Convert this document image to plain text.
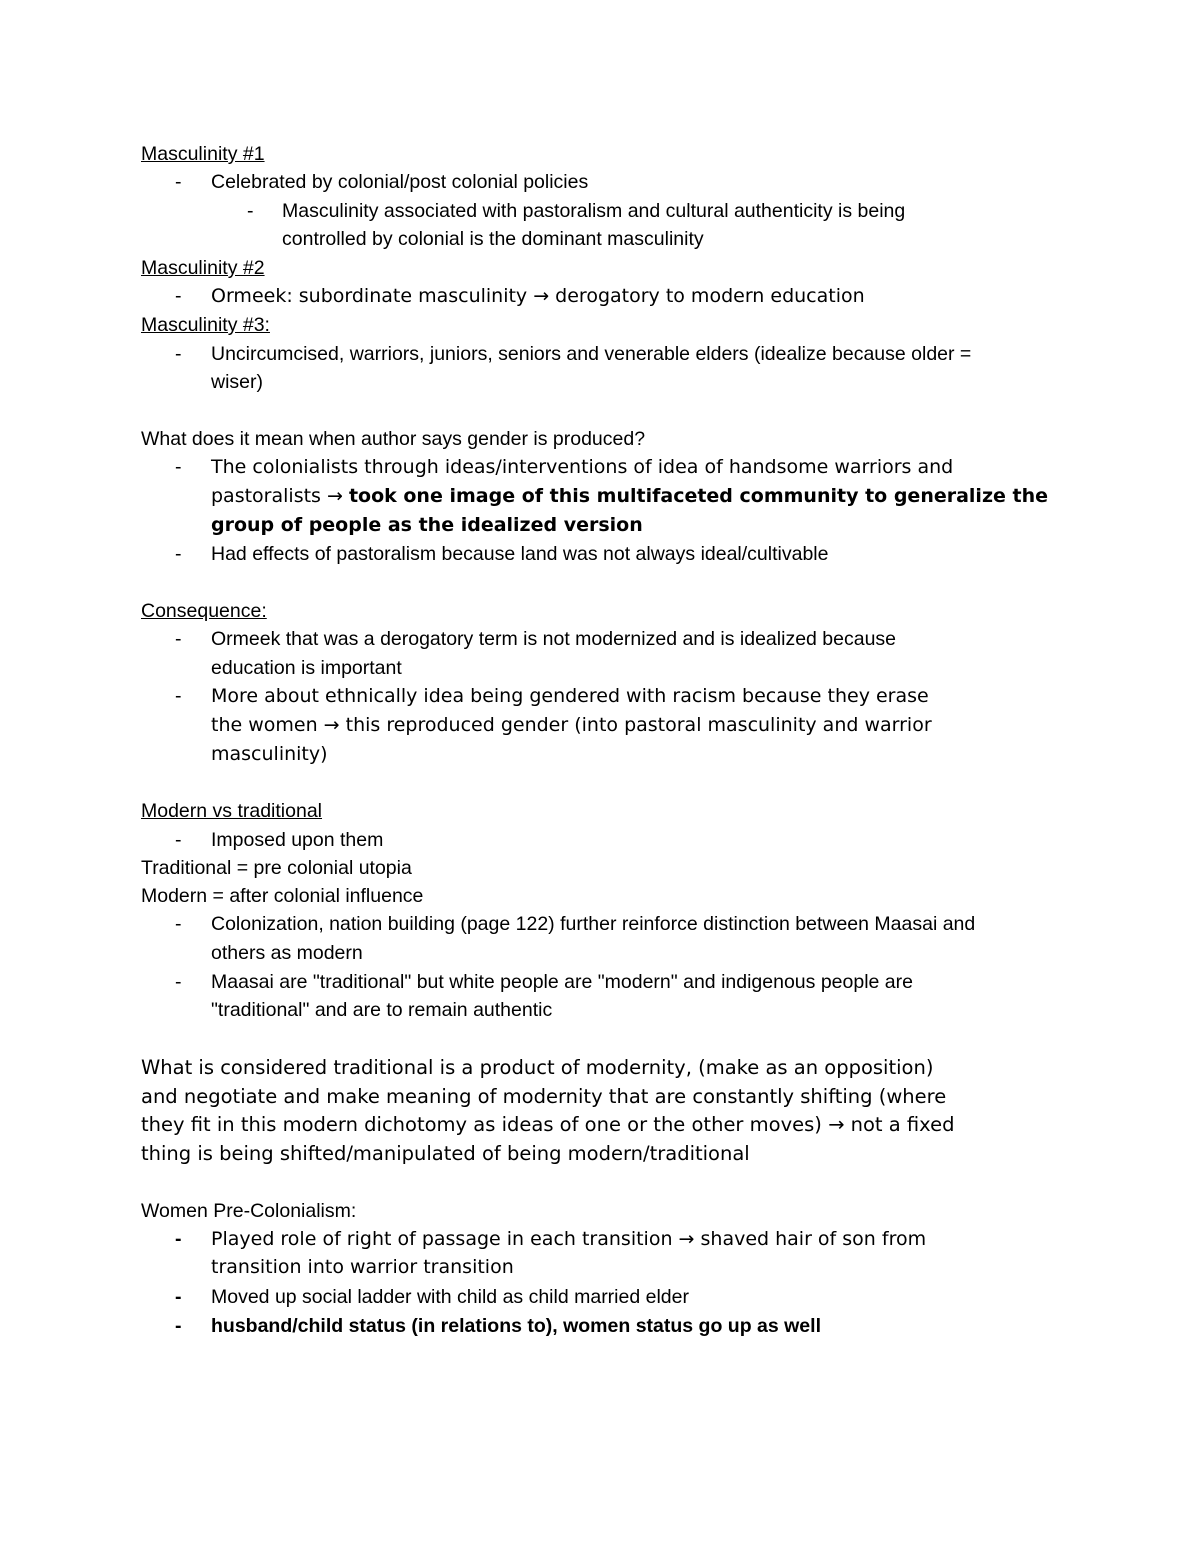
Masculinity #1
- Celebrated by colonial/post colonial policies
- Masculinity associated with pastoralism and cultural authenticity is being
controlled by colonial is the dominant masculinity
Masculinity #2
- Ormeek: subordinate masculinity → derogatory to modern education
Masculinity #3:
- Uncircumcised, warriors, juniors, seniors and venerable elders (idealize because older =
wiser)
What does it mean when author says gender is produced?
- The colonialists through ideas/interventions of idea of handsome warriors and
pastoralists → took one image of this multifaceted community to generalize the
group of people as the idealized version
- Had effects of pastoralism because land was not always ideal/cultivable
Consequence:
- Ormeek that was a derogatory term is not modernized and is idealized because
education is important
- More about ethnically idea being gendered with racism because they erase
the women → this reproduced gender (into pastoral masculinity and warrior
masculinity)
Modern vs traditional
- Imposed upon them
Traditional = pre colonial utopia
Modern = after colonial influence
- Colonization, nation building (page 122) further reinforce distinction between Maasai and
others as modern
- Maasai are "traditional" but white people are "modern" and indigenous people are
"traditional" and are to remain authentic
What is considered traditional is a product of modernity, (make as an opposition)
and negotiate and make meaning of modernity that are constantly shifting (where
they fit in this modern dichotomy as ideas of one or the other moves) → not a fixed
thing is being shifted/manipulated of being modern/traditional
Women Pre-Colonialism:
- Played role of right of passage in each transition → shaved hair of son from
transition into warrior transition
- Moved up social ladder with child as child married elder
- husband/child status (in relations to), women status go up as well
